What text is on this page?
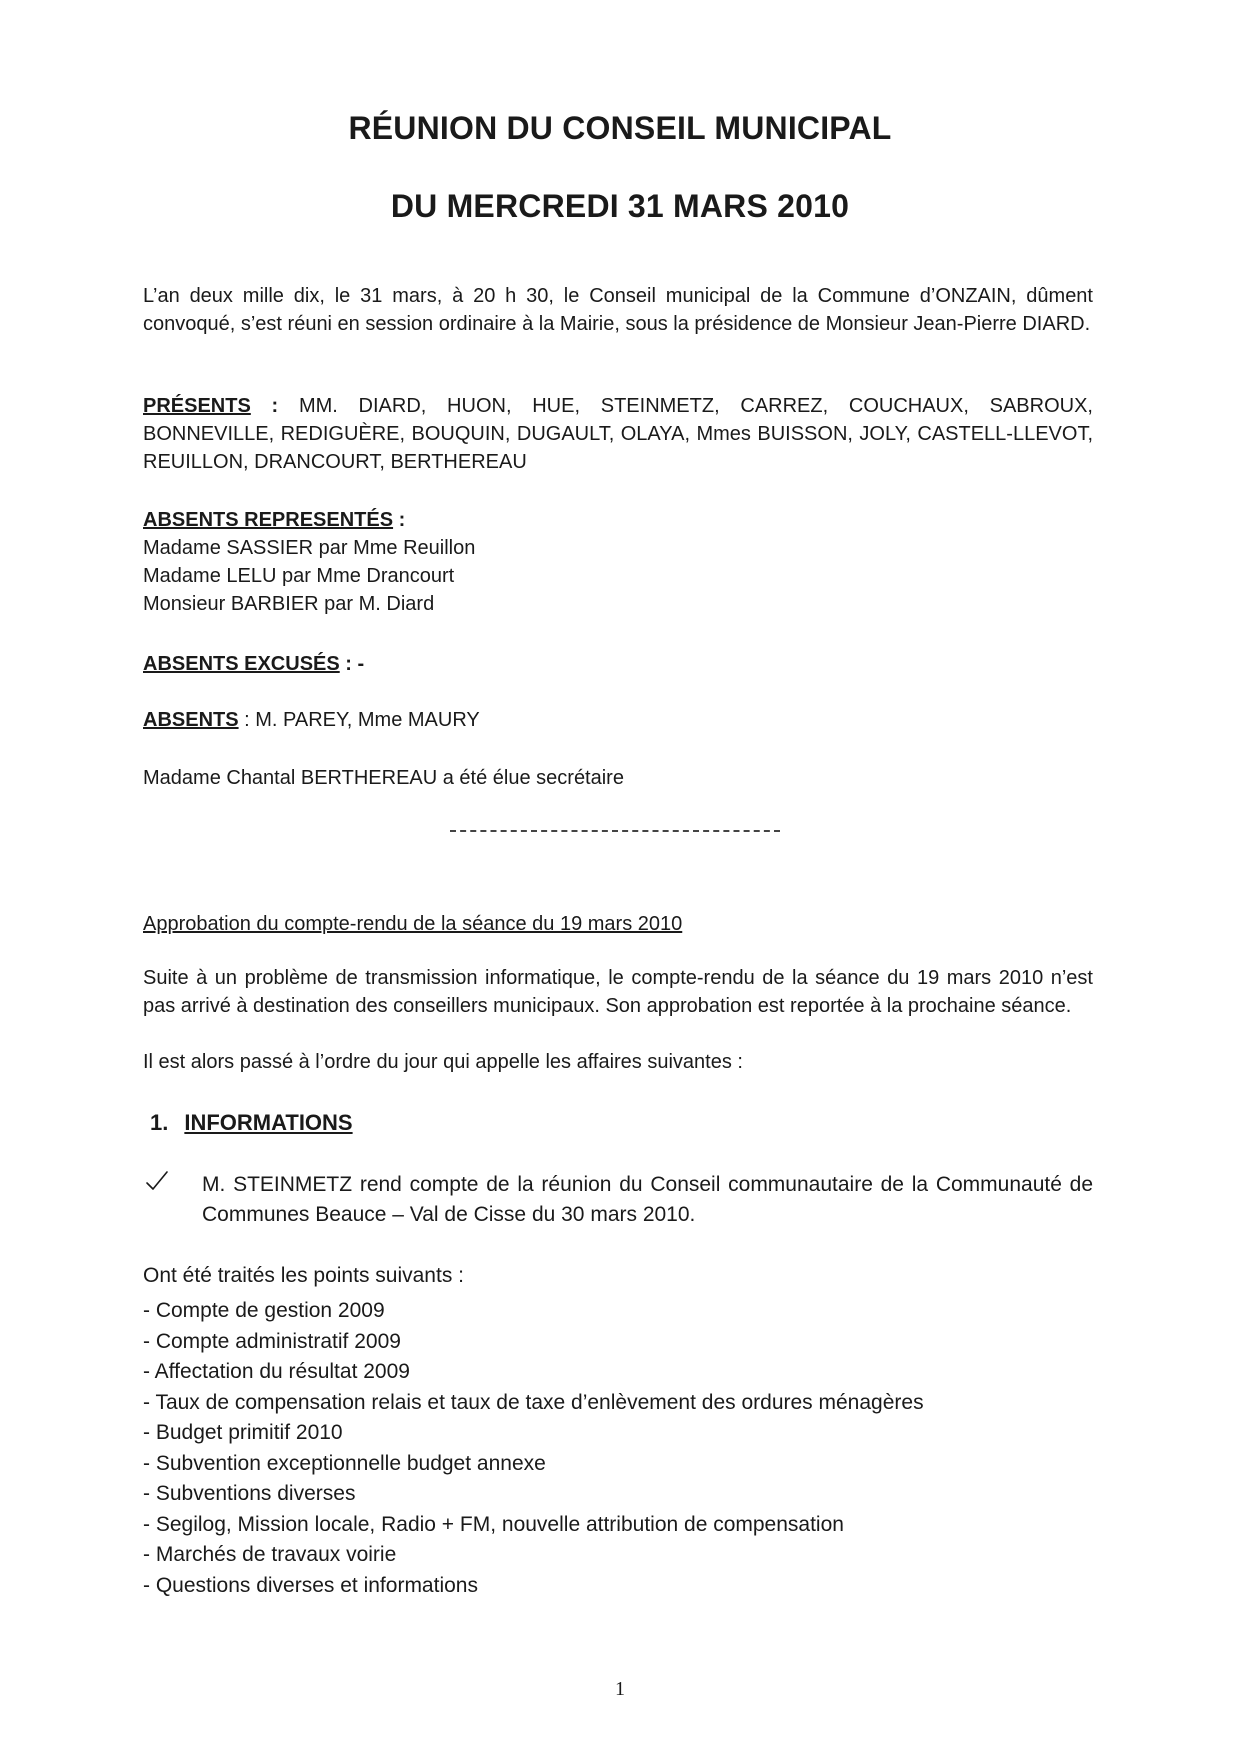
RÉUNION DU CONSEIL MUNICIPAL
DU MERCREDI 31 MARS 2010
L’an deux mille dix, le 31 mars, à 20 h 30, le Conseil municipal de la Commune d’ONZAIN, dûment convoqué, s’est réuni en session ordinaire à la Mairie, sous la présidence de Monsieur Jean-Pierre DIARD.
PRÉSENTS : MM. DIARD, HUON, HUE, STEINMETZ, CARREZ, COUCHAUX, SABROUX, BONNEVILLE, REDIGUÈRE, BOUQUIN, DUGAULT, OLAYA, Mmes BUISSON, JOLY, CASTELL-LLEVOT, REUILLON, DRANCOURT, BERTHEREAU
ABSENTS REPRESENTÉS :
Madame SASSIER par Mme Reuillon
Madame LELU par Mme Drancourt
Monsieur BARBIER par M. Diard
ABSENTS EXCUSÉS : -
ABSENTS : M. PAREY, Mme MAURY
Madame Chantal BERTHEREAU a été élue secrétaire
Approbation du compte-rendu de la séance du 19 mars 2010
Suite à un problème de transmission informatique, le compte-rendu de la séance du 19 mars 2010 n’est pas arrivé à destination des conseillers municipaux. Son approbation est reportée à la prochaine séance.
Il est alors passé à l’ordre du jour qui appelle les affaires suivantes :
1. INFORMATIONS
M. STEINMETZ rend compte de la réunion du Conseil communautaire de la Communauté de Communes Beauce – Val de Cisse du 30 mars 2010.
Ont été traités les points suivants :
- Compte de gestion 2009
- Compte administratif 2009
- Affectation du résultat 2009
- Taux de compensation relais et taux de taxe d’enlèvement des ordures ménagères
- Budget primitif 2010
- Subvention exceptionnelle budget annexe
- Subventions diverses
- Segilog, Mission locale, Radio + FM, nouvelle attribution de compensation
- Marchés de travaux voirie
- Questions diverses et informations
1
